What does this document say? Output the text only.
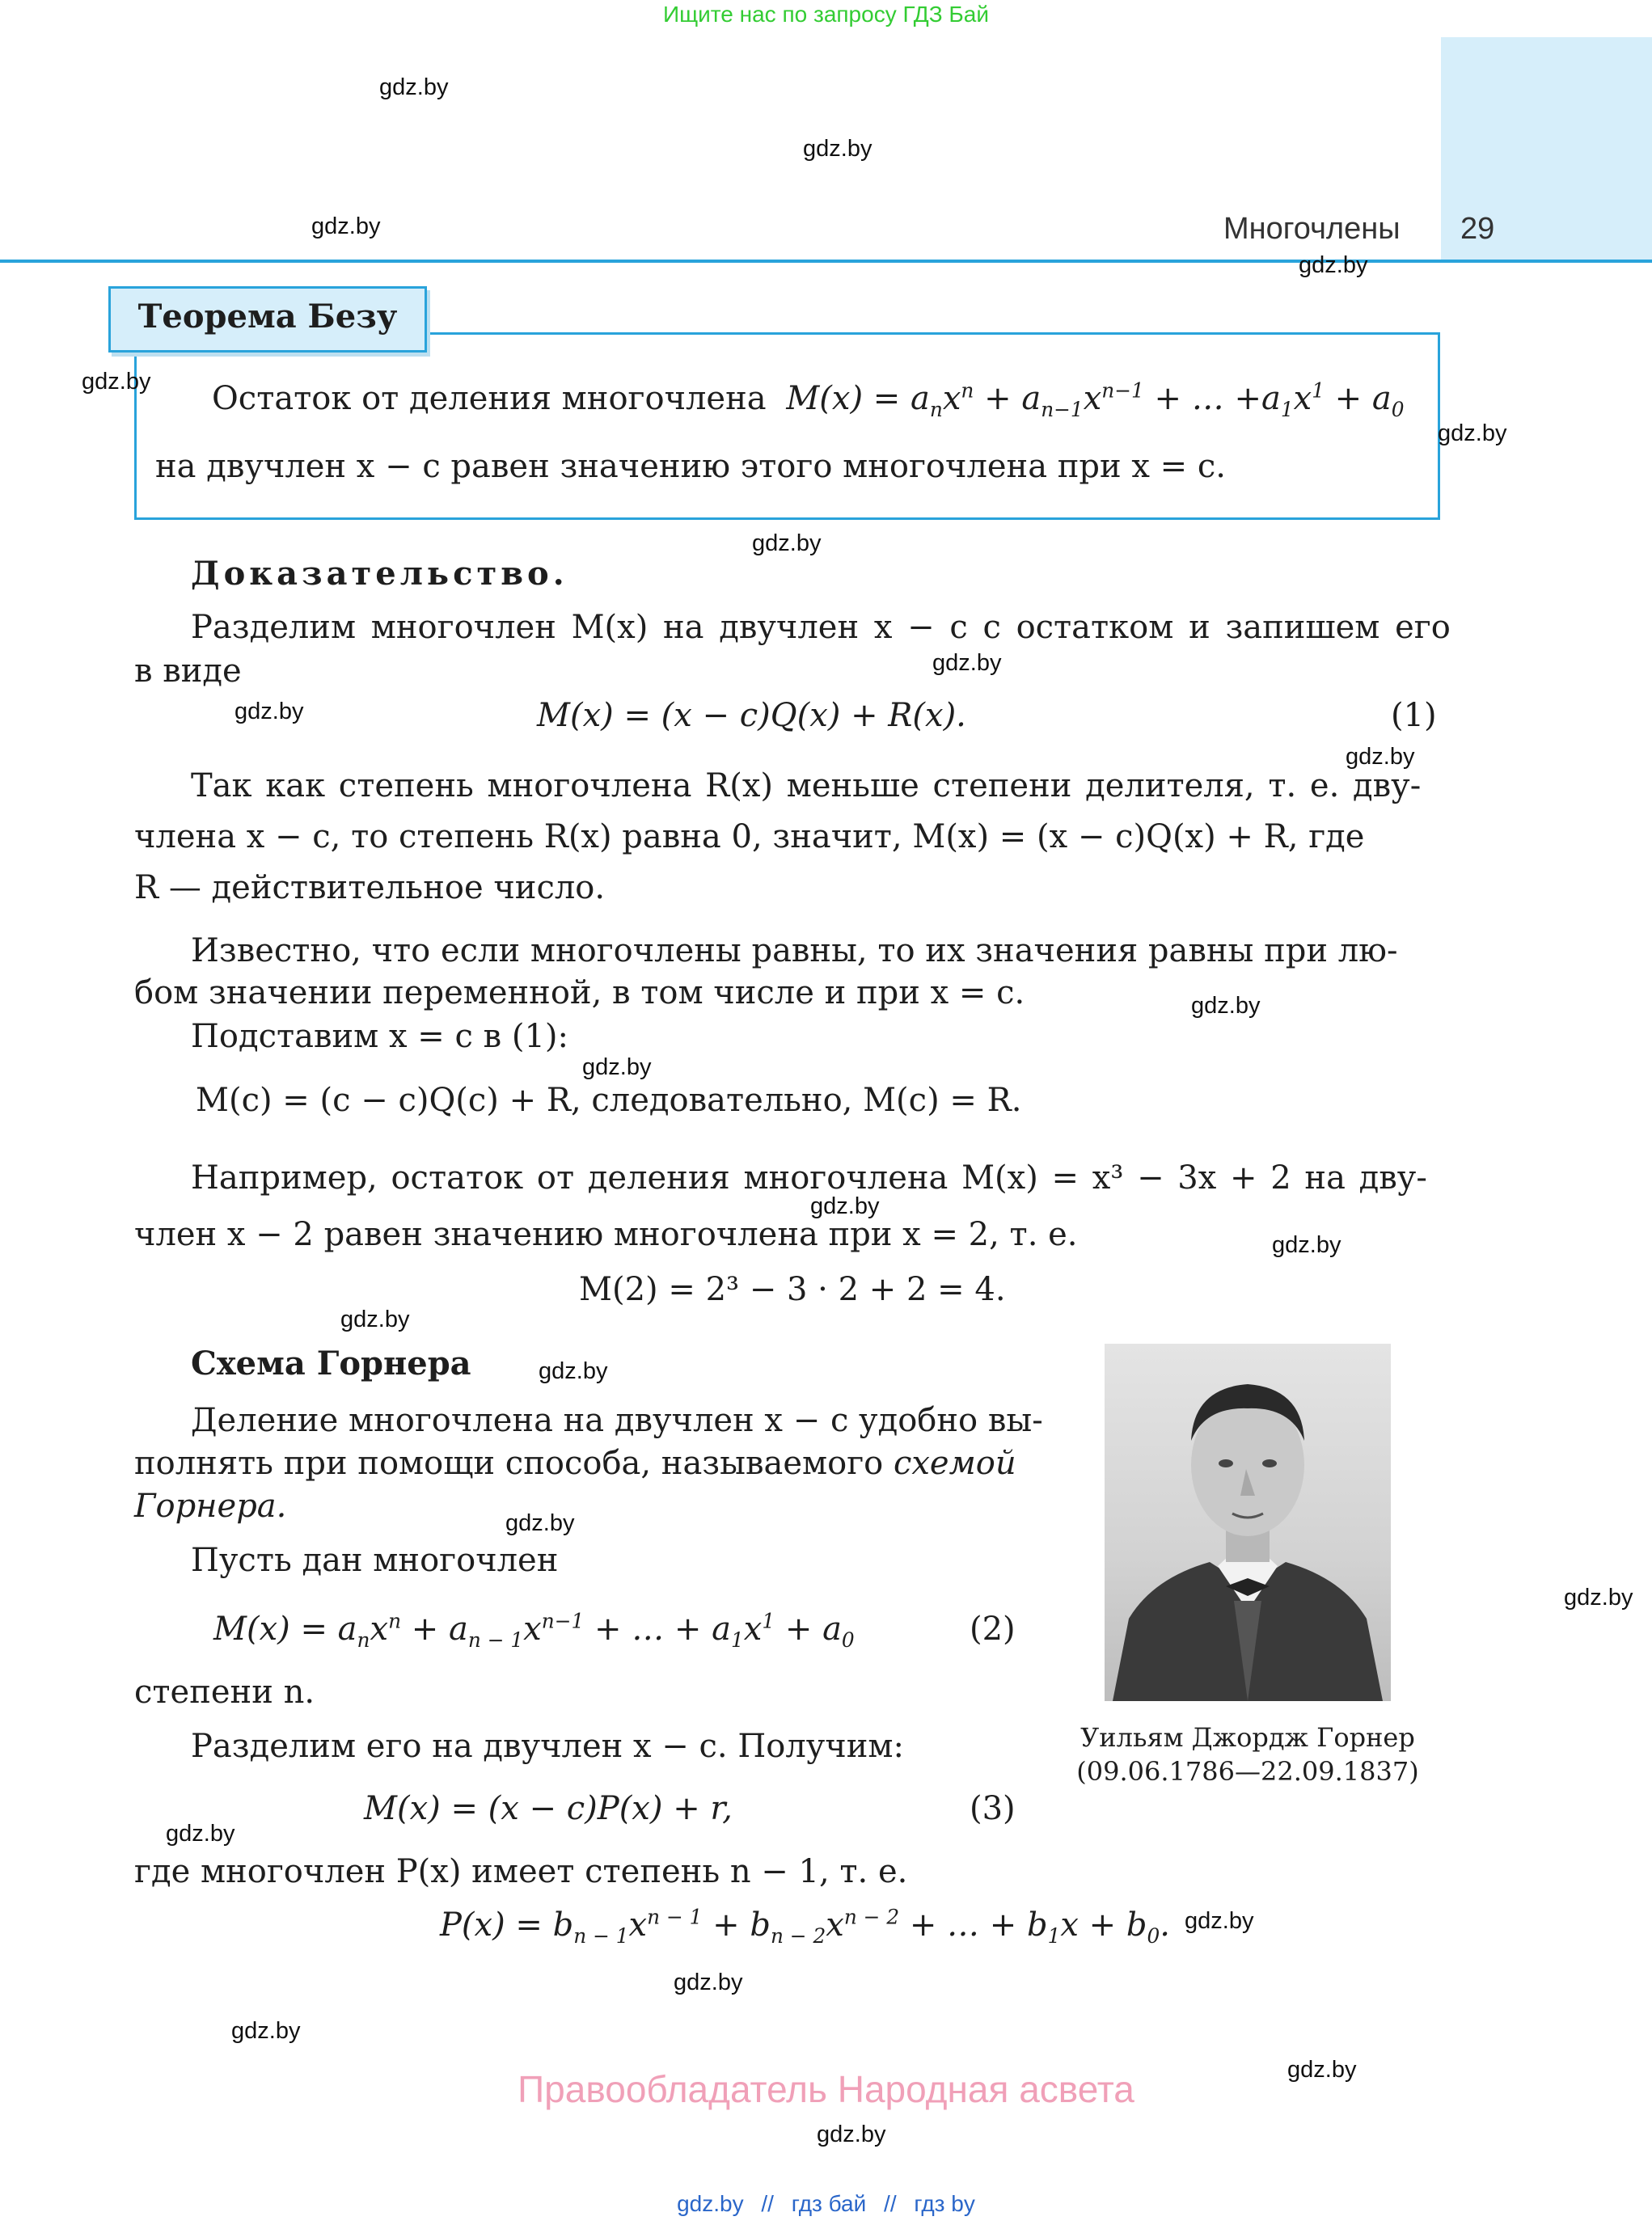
Ищите нас по запросу ГДЗ Бай
Многочлены 29
Теорема Безу
Остаток от деления многочлена $M(x) = a_nx^n + a_{n-1}x^{n-1}$ + … $+a_1x^1 + a_0$
на двучлен x − c равен значению этого многочлена при x = c.
Доказательство.
Разделим многочлен M(x) на двучлен x − c с остатком и запишем его
в виде
M(x) = (x − c)Q(x) + R(x).	(1)
Так как степень многочлена R(x) меньше степени делителя, т. е. дву-
члена x − c, то степень R(x) равна 0, значит, M(x) = (x − c)Q(x) + R, где
R — действительное число.
Известно, что если многочлены равны, то их значения равны при лю-
бом значении переменной, в том числе и при x = c.
Подставим x = c в (1):
M(c) = (c − c)Q(c) + R, следовательно, M(c) = R.
Например, остаток от деления многочлена M(x) = x³ − 3x + 2 на дву-
член x − 2 равен значению многочлена при x = 2, т. е.
M(2) = 2³ − 3 · 2 + 2 = 4.
Схема Горнера
Деление многочлена на двучлен x − c удобно вы-
полнять при помощи способа, называемого схемой
Горнера.
Пусть дан многочлен
$M(x) = a_nx^n + a_{n - 1}x^{n-1}$ + … + $a_1x^1 + a_0$	(2)
степени n.
Разделим его на двучлен x − c. Получим:
M(x) = (x − c)P(x) + r,	(3)
где многочлен P(x) имеет степень n − 1, т. е.
$P(x) = b_{n - 1}x^{n - 1} + b_{n - 2}x^{n - 2}$ + … + $b_1x + b_0$.
Уильям Джордж Горнер
(09.06.1786—22.09.1837)
Правообладатель Народная асвета
gdz.by // гдз бай // гдз by
gdz.by
gdz.by
gdz.by
gdz.by
gdz.by
gdz.by
gdz.by
gdz.by
gdz.by
gdz.by
gdz.by
gdz.by
gdz.by
gdz.by
gdz.by
gdz.by
gdz.by
gdz.by
gdz.by
gdz.by
gdz.by
gdz.by
gdz.by
gdz.by
